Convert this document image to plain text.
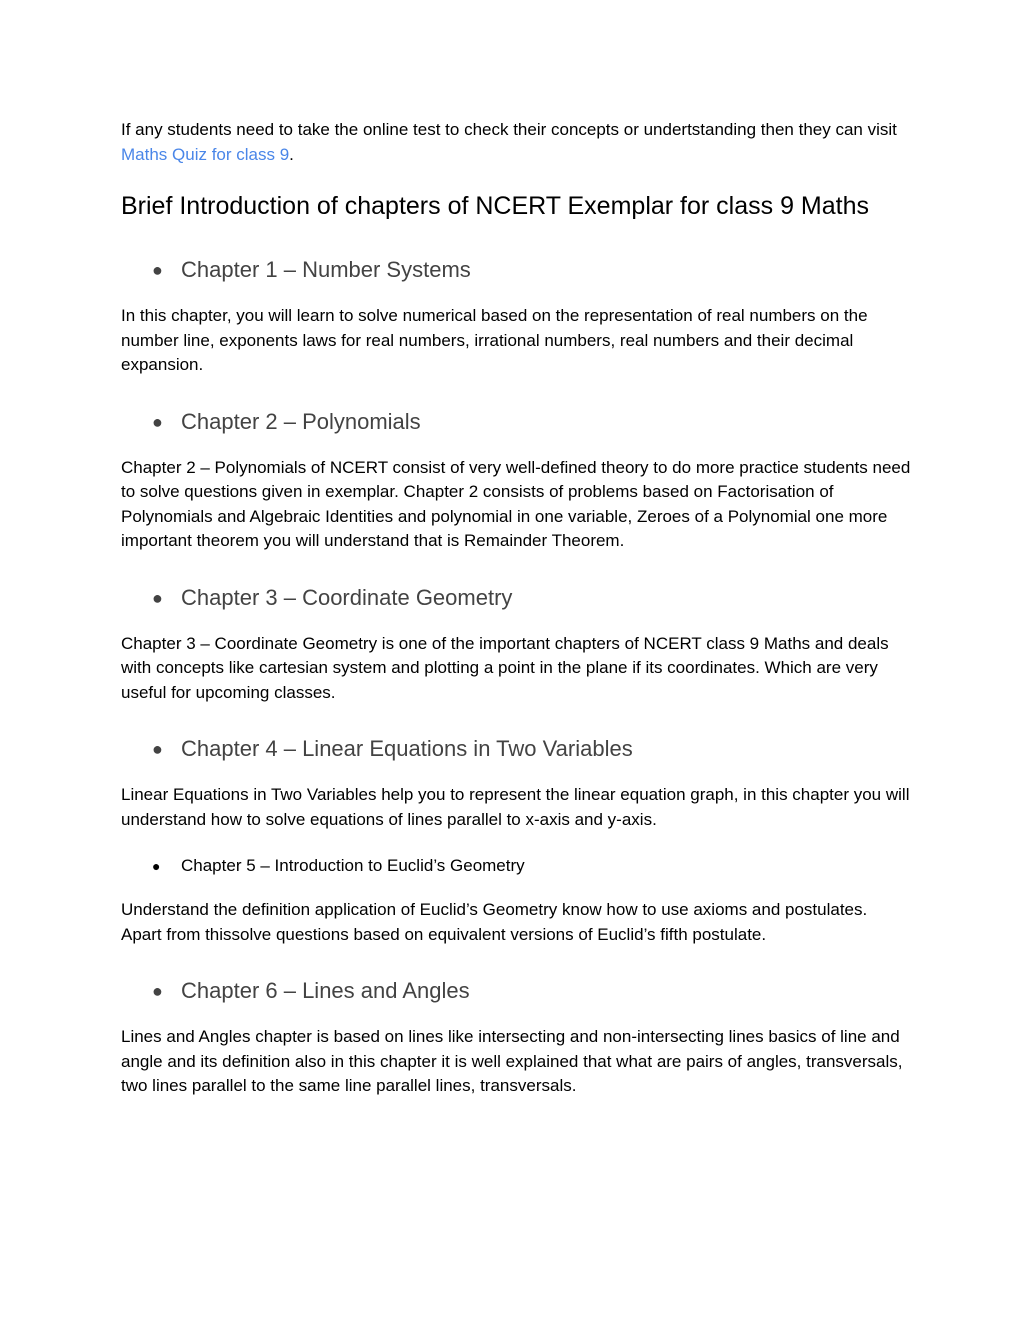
If any students need to take the online test to check their concepts or undertstanding then they can visit Maths Quiz for class 9.

Brief Introduction of chapters of NCERT Exemplar for class 9 Maths
● Chapter 1 – Number Systems

In this chapter, you will learn to solve numerical based on the representation of real numbers on the number line, exponents laws for real numbers, irrational numbers, real numbers and their decimal expansion.

● Chapter 2 – Polynomials

Chapter 2 – Polynomials of NCERT consist of very well-defined theory to do more practice students need to solve questions given in exemplar. Chapter 2 consists of problems based on Factorisation of Polynomials and Algebraic Identities and polynomial in one variable, Zeroes of a Polynomial one more important theorem you will understand that is Remainder Theorem.

● Chapter 3 – Coordinate Geometry

Chapter 3 – Coordinate Geometry is one of the important chapters of NCERT class 9 Maths and deals with concepts like cartesian system and plotting a point in the plane if its coordinates. Which are very useful for upcoming classes.

● Chapter 4 – Linear Equations in Two Variables

Linear Equations in Two Variables help you to represent the linear equation graph, in this chapter you will understand how to solve equations of lines parallel to x-axis and y-axis.

● Chapter 5 – Introduction to Euclid’s Geometry

Understand the definition application of Euclid’s Geometry know how to use axioms and postulates. Apart from thissolve questions based on equivalent versions of Euclid’s fifth postulate.

● Chapter 6 – Lines and Angles

Lines and Angles chapter is based on lines like intersecting and non-intersecting lines basics of line and angle and its definition also in this chapter it is well explained that what are pairs of angles, transversals, two lines parallel to the same line parallel lines, transversals.
